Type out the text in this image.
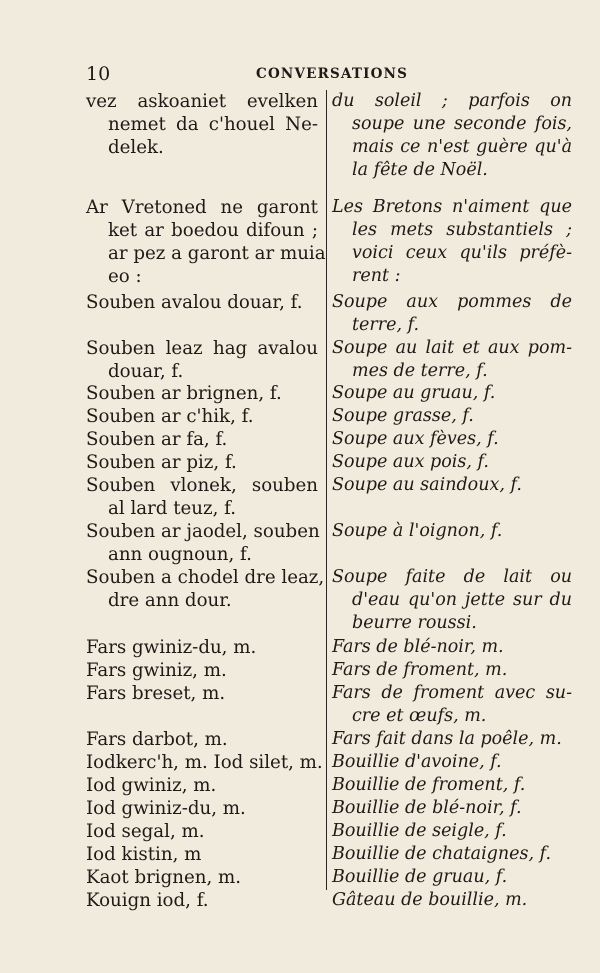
10	CONVERSATIONS
vez askoaniet evelken
nemet da c'houel Ne-
delek.
Ar Vretoned ne garont
ket ar boedou difoun ;
ar pez a garont ar muia
eo :
Souben avalou douar, f.
Souben leaz hag avalou
douar, f.
Souben ar brignen, f.
Souben ar c'hik, f.
Souben ar fa, f.
Souben ar piz, f.
Souben vlonek, souben
al lard teuz, f.
Souben ar jaodel, souben
ann ougnoun, f.
Souben a chodel dre leaz,
dre ann dour.
Fars gwiniz-du, m.
Fars gwiniz, m.
Fars breset, m.
Fars darbot, m.
Iodkerc'h, m. Iod silet, m.
Iod gwiniz, m.
Iod gwiniz-du, m.
Iod segal, m.
Iod kistin, m
Kaot brignen, m.
Kouign iod, f.
du soleil ; parfois on
soupe une seconde fois,
mais ce n'est guère qu'à
la fête de Noël.
Les Bretons n'aiment que
les mets substantiels ;
voici ceux qu'ils préfè-
rent :
Soupe aux pommes de
terre, f.
Soupe au lait et aux pom-
mes de terre, f.
Soupe au gruau, f.
Soupe grasse, f.
Soupe aux fèves, f.
Soupe aux pois, f.
Soupe au saindoux, f.
Soupe à l'oignon, f.
Soupe faite de lait ou
d'eau qu'on jette sur du
beurre roussi.
Fars de blé-noir, m.
Fars de froment, m.
Fars de froment avec su-
cre et œufs, m.
Fars fait dans la poêle, m.
Bouillie d'avoine, f.
Bouillie de froment, f.
Bouillie de blé-noir, f.
Bouillie de seigle, f.
Bouillie de chataignes, f.
Bouillie de gruau, f.
Gâteau de bouillie, m.
